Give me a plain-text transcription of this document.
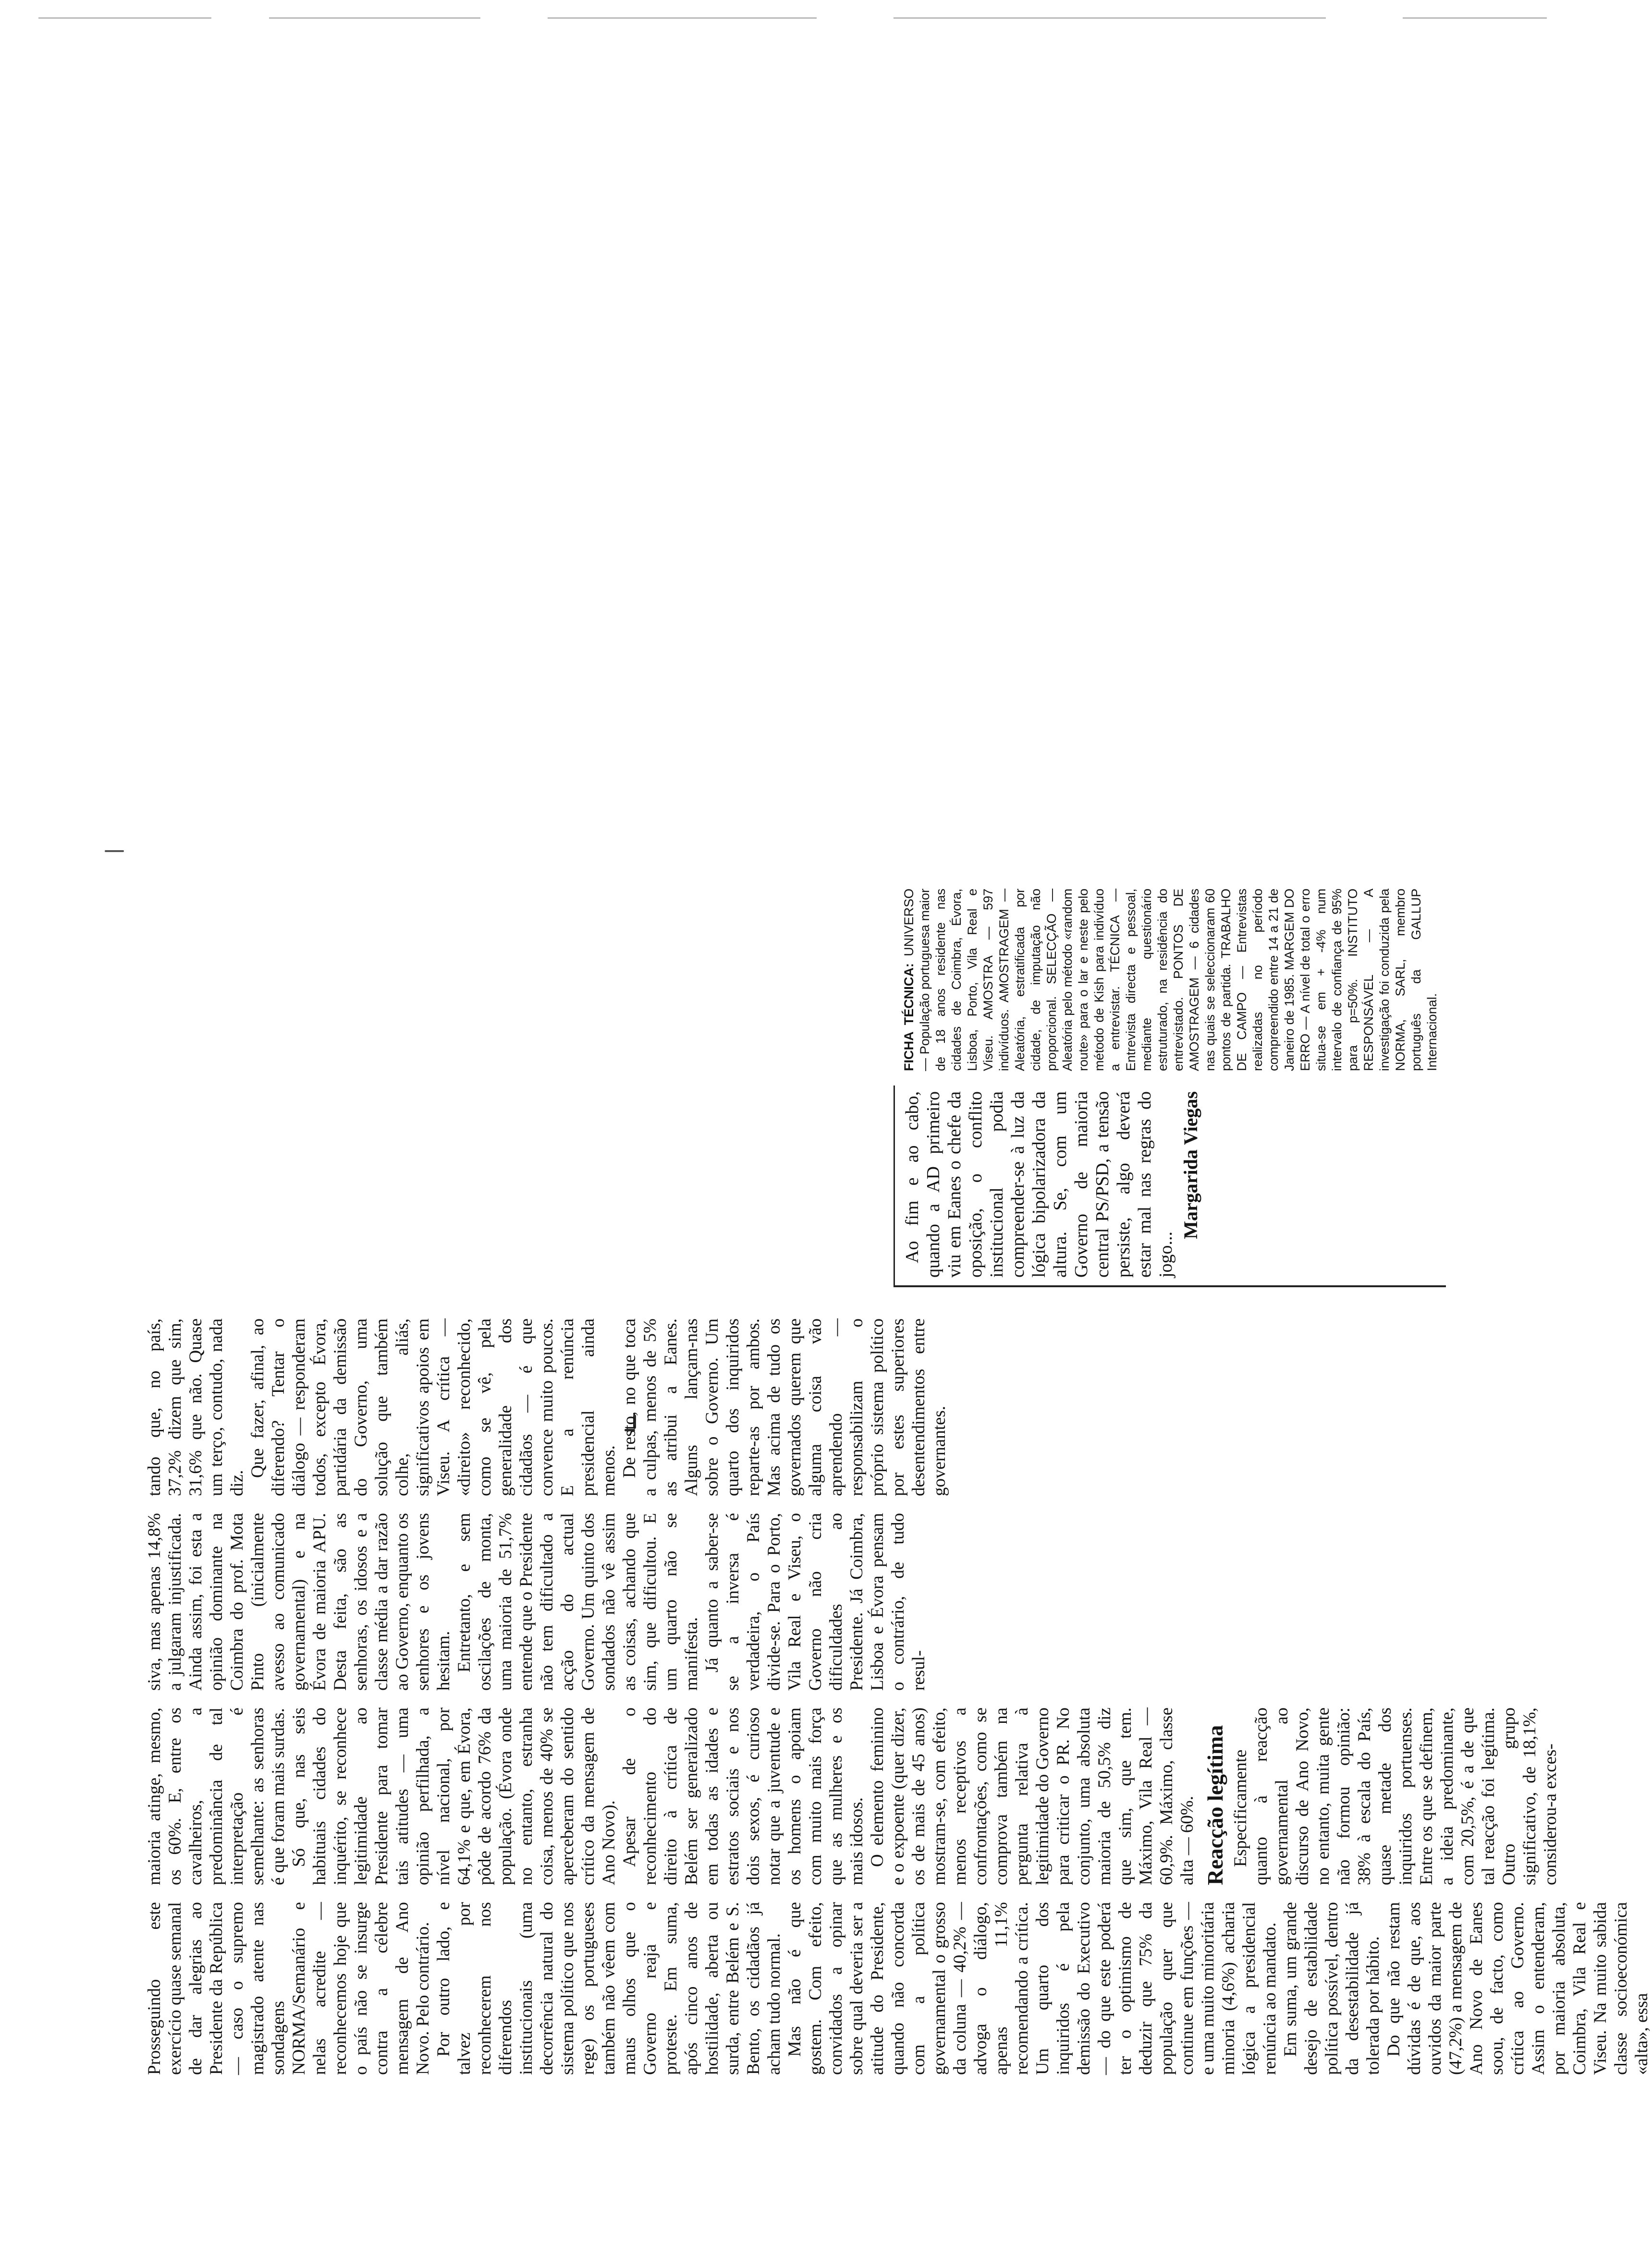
Prosseguindo este exercício quase semanal de dar alegrias ao Presidente da República — caso o supremo magistrado atente nas sondagens NORMA/Semanário e nelas acredite — reconhecemos hoje que o país não se insurge contra a célebre mensagem de Ano Novo. Pelo contrário. Por outro lado, e talvez por reconhecerem nos diferendos institucionais (uma decorrência natural do sistema político que nos rege) os portugueses também não vêem com maus olhos que o Governo reaja e proteste. Em suma, após cinco anos de hostilidade, aberta ou surda, entre Belém e S. Bento, os cidadãos já acham tudo normal. Mas não é que gostem. Com efeito, convidados a opinar sobre qual deveria ser a atitude do Presidente, quando não concorda com a política governamental o grosso da coluna — 40,2% — advoga o diálogo, apenas 11,1% recomendando a crítica. Um quarto dos inquiridos é pela demissão do Executivo — do que este poderá ter o optimismo de deduzir que 75% da população quer que continue em funções — e uma muito minoritária minoria (4,6%) acharia lógica a presidencial renúncia ao mandato. Em suma, um grande desejo de estabilidade política possível, dentro da desestabilidade já tolerada por hábito. Do que não restam dúvidas é de que, aos ouvidos da maior parte (47,2%) a mensagem de Ano Novo de Eanes soou, de facto, como crítica ao Governo. Assim o entenderam, por maioria absoluta, Coimbra, Vila Real e Viseu. Na muito sabida classe socioeconómica «alta», essa

maioria atinge, mesmo, os 60%. E, entre os cavalheiros, a predominância de tal interpretação é semelhante: as senhoras é que foram mais surdas. Só que, nas seis habituais cidades do inquérito, se reconhece legitimidade ao Presidente para tomar tais atitudes — uma opinião perfilhada, a nível nacional, por 64,1% e que, em Évora, pôde de acordo 76% da população. (Évora onde no entanto, estranha coisa, menos de 40% se aperceberam do sentido crítico da mensagem de Ano Novo). Apesar de o reconhecimento do direito à crítica de Belém ser generalizado em todas as idades e estratos sociais e nos dois sexos, é curioso notar que a juventude e os homens o apoiam com muito mais força que as mulheres e os mais idosos. O elemento feminino e o expoente (quer dizer, os de mais de 45 anos) mostram-se, com efeito, menos receptivos a confrontações, como se comprova também na pergunta relativa à legitimidade do Governo para criticar o PR. No conjunto, uma absoluta maioria de 50,5% diz que sim, que tem. Máximo, Vila Real — 60,9%. Máximo, classe alta — 60%. Reacção legítima Especificamente quanto à reacção governamental ao discurso de Ano Novo, no entanto, muita gente não formou opinião: 38% à escala do País, quase metade dos inquiridos portuenses. Entre os que se definem, a ideia predominante, com 20,5%, é a de que tal reacção foi legítima. Outro grupo significativo, de 18,1%, considerou-a exces-

siva, mas apenas 14,8% a julgaram injustificada. Ainda assim, foi esta a opinião dominante na Coimbra do prof. Mota Pinto (inicialmente avesso ao comunicado governamental) e na Évora de maioria APU. Desta feita, são as senhoras, os idosos e a classe média a dar razão ao Governo, enquanto os senhores e os jovens hesitam. Entretanto, e sem oscilações de monta, uma maioria de 51,7% entende que o Presidente não tem dificultado a acção do actual Governo. Um quinto dos sondados não vê assim as coisas, achando que sim, que dificultou. E um quarto não se manifesta. Já quanto a saber-se se a inversa é verdadeira, o País divide-se. Para o Porto, Vila Real e Viseu, o Governo não cria dificuldades ao Presidente. Já Coimbra, Lisboa e Évora pensam o contrário, de tudo resul-

tando que, no país, 37,2% dizem que sim, 31,6% que não. Quase um terço, contudo, nada diz.

Que fazer, afinal, ao diferendo? Tentar o diálogo — responderam todos, excepto Évora, partidária da demissão do Governo, uma solução que também colhe, aliás, significativos apoios em Viseu. A crítica — «direito» reconhecido, como se vê, pela generalidade dos cidadãos — é que convence muito poucos. E a renúncia presidencial ainda menos. De resto, no que toca a culpas, menos de 5% as atribui a Eanes. Alguns lançam-nas sobre o Governo. Um quarto dos inquiridos reparte-as por ambos. Mas acima de tudo os governados querem que alguma coisa vão aprendendo — responsabilizam o próprio sistema político por estes superiores desentendimentos entre governantes.

Ao fim e ao cabo, quando a AD primeiro viu em Eanes o chefe da oposição, o conflito institucional podia compreender-se à luz da lógica bipolarizadora da altura. Se, com um Governo de maioria central PS/PSD, a tensão persiste, algo deverá estar mal nas regras do jogo...

Margarida Viegas

FICHA TÉCNICA: UNIVERSO — População portuguesa maior de 18 anos residente nas cidades de Coimbra, Évora, Lisboa, Porto, Vila Real e Viseu. AMOSTRA — 597 indivíduos. AMOSTRAGEM — Aleatória, estratificada por cidade, de imputação não proporcional. SELECÇÃO — Aleatória pelo método «random route» para o lar e neste pelo método de Kish para indivíduo a entrevistar. TÉCNICA — Entrevista directa e pessoal, mediante questionário estruturado, na residência do entrevistado. PONTOS DE AMOSTRAGEM — 6 cidades nas quais se seleccionaram 60 pontos de partida. TRABALHO DE CAMPO — Entrevistas realizadas no período compreendido entre 14 a 21 de Janeiro de 1985. MARGEM DO ERRO — A nível de total o erro situa-se em + -4% num intervalo de confiança de 95% para p=50%. INSTITUTO RESPONSÁVEL — A investigação foi conduzida pela NORMA, SARL, membro português da GALLUP Internacional.
